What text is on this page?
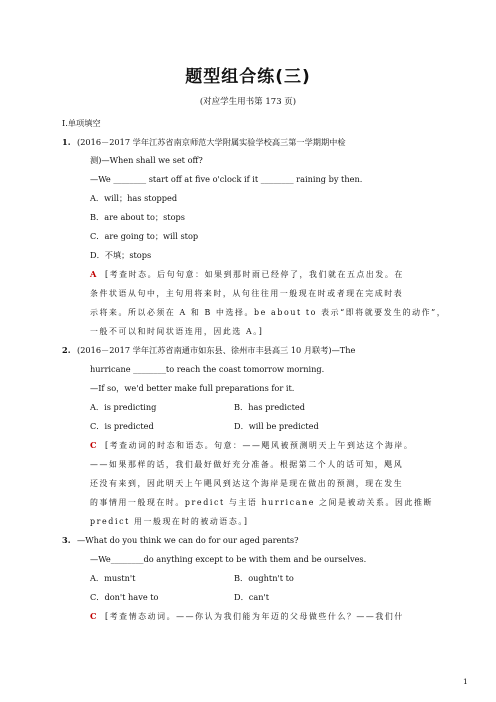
题型组合练(三)
(对应学生用书第 173 页)
Ⅰ.单项填空
1. (2016－2017 学年江苏省南京师范大学附属实验学校高三第一学期期中检
测)—When shall we set off?
—We ________ start off at five o'clock if it ________ raining by then.
A．will；has stopped
B．are about to；stops
C．are going to；will stop
D．不填；stops
A [考查时态。后句句意：如果到那时雨已经停了，我们就在五点出发。在
条件状语从句中，主句用将来时，从句往往用一般现在时或者现在完成时表
示将来。所以必须在 A 和 B 中选择。be about to 表示“即将就要发生的动作”，
一般不可以和时间状语连用，因此选 A。]
2. (2016－2017 学年江苏省南通市如东县、徐州市丰县高三 10 月联考)—The
hurricane ________to reach the coast tomorrow morning.
—If so，we'd better make full preparations for it.
A．is predicting	B．has predicted
C．is predicted	D．will be predicted
C [考查动词的时态和语态。句意：——飓风被预测明天上午到达这个海岸。
——如果那样的话，我们最好做好充分准备。根据第二个人的话可知，飓风
还没有来到，因此明天上午飓风到达这个海岸是现在做出的预测，现在发生
的事情用一般现在时。predict 与主语 hurricane 之间是被动关系。因此推断
predict 用一般现在时的被动语态。]
3. —What do you think we can do for our aged parents?
—We________do anything except to be with them and be ourselves.
A．mustn't	B．oughtn't to
C．don't have to	D．can't
C [考查情态动词。——你认为我们能为年迈的父母做些什么？——我们什
1
